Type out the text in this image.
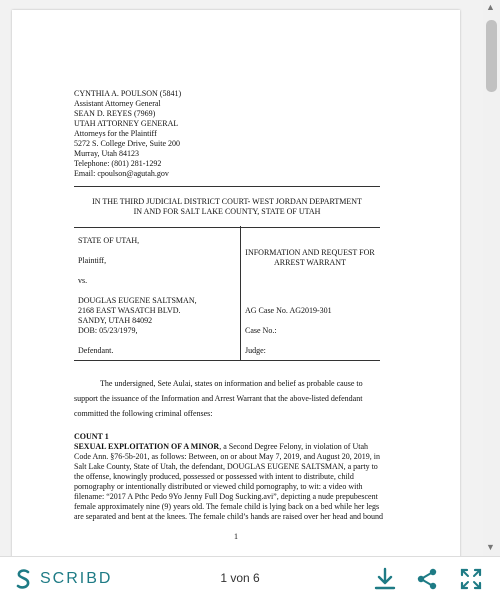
CYNTHIA A. POULSON (5841)
Assistant Attorney General
SEAN D. REYES (7969)
UTAH ATTORNEY GENERAL
Attorneys for the Plaintiff
5272 S. College Drive, Suite 200
Murray, Utah 84123
Telephone: (801) 281-1292
Email: cpoulson@agutah.gov
IN THE THIRD JUDICIAL DISTRICT COURT- WEST JORDAN DEPARTMENT
IN AND FOR SALT LAKE COUNTY, STATE OF UTAH
STATE OF UTAH,
Plaintiff,
vs.
DOUGLAS EUGENE SALTSMAN,
2168 EAST WASATCH BLVD.
SANDY, UTAH 84092
DOB: 05/23/1979,
Defendant.
INFORMATION AND REQUEST FOR
ARREST WARRANT
AG Case No. AG2019-301
Case No.:
Judge:

The undersigned, Sete Aulai, states on information and belief as probable cause to support the issuance of the Information and Arrest Warrant that the above-listed defendant committed the following criminal offenses:

COUNT 1
SEXUAL EXPLOITATION OF A MINOR, a Second Degree Felony, in violation of Utah Code Ann. §76-5b-201, as follows: Between, on or about May 7, 2019, and August 20, 2019, in Salt Lake County, State of Utah, the defendant, DOUGLAS EUGENE SALTSMAN, a party to the offense, knowingly produced, possessed or possessed with intent to distribute, child pornography or intentionally distributed or viewed child pornography, to wit: a video with filename: “2017 A Pthc Pedo 9Yo Jenny Full Dog Sucking.avi”, depicting a nude prepubescent female approximately nine (9) years old. The female child is lying back on a bed while her legs are separated and bent at the knees. The female child’s hands are raised over her head and bound
1
▲
▼
SCRIBD	1 von 6
